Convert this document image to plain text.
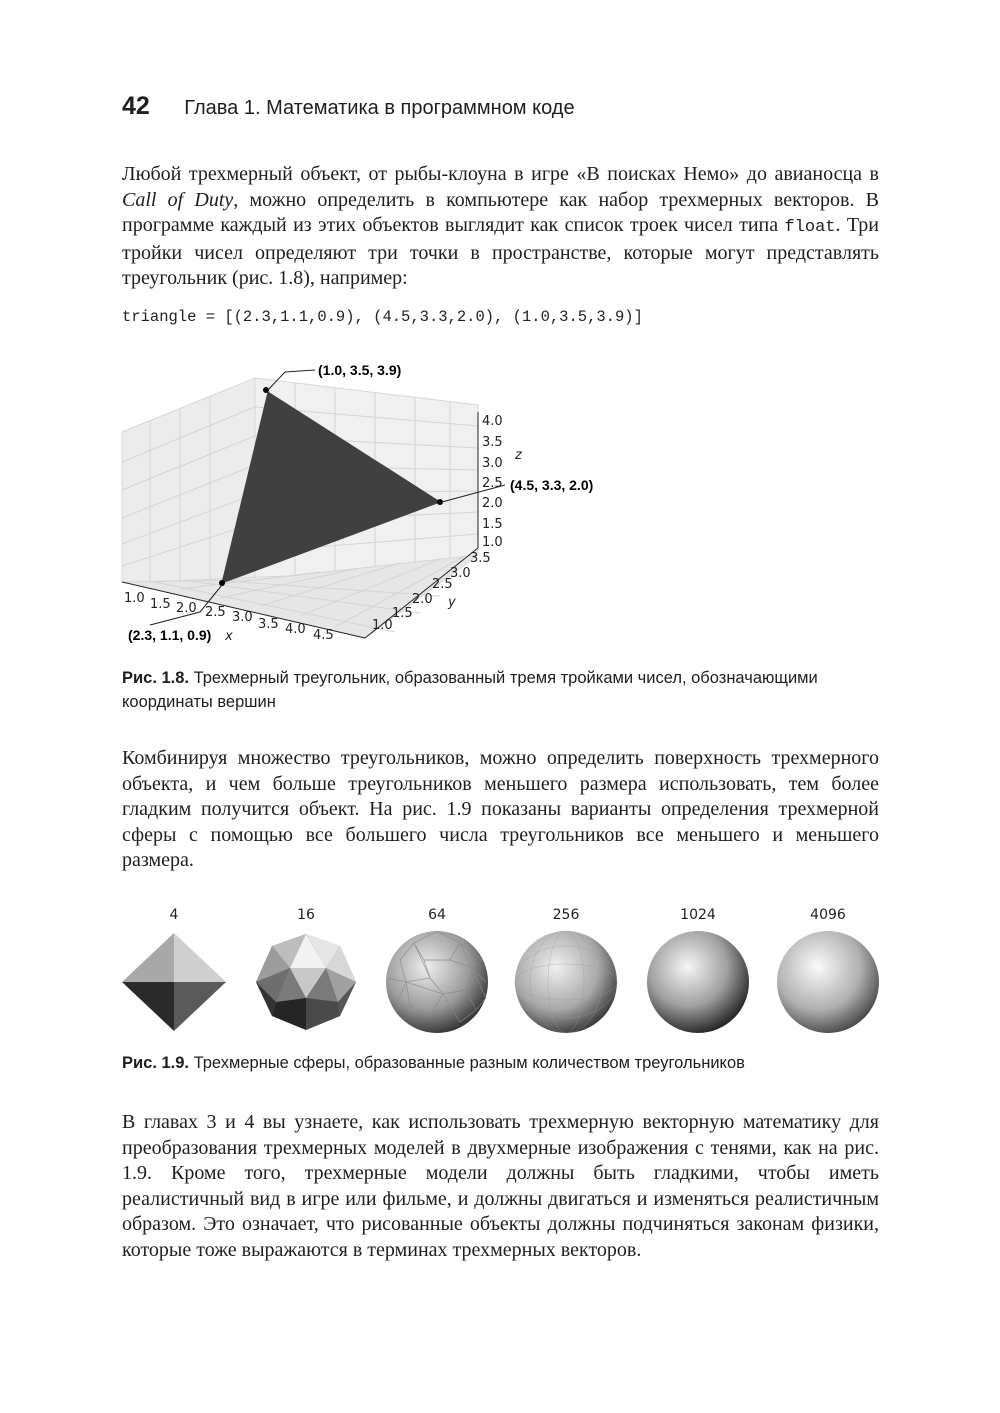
42 Глава 1. Математика в программном коде

Любой трехмерный объект, от рыбы-клоуна в игре «В поисках Немо» до авианосца в Call of Duty, можно определить в компьютере как набор трехмерных векторов. В программе каждый из этих объектов выглядит как список троек чисел типа float. Три тройки чисел определяют три точки в пространстве, которые могут представлять треугольник (рис. 1.8), например:

triangle = [(2.3,1.1,0.9), (4.5,3.3,2.0), (1.0,3.5,3.9)]
(1.0, 3.5, 3.9)
(4.5, 3.3, 2.0)
(2.3, 1.1, 0.9)
4.0
3.5
3.0
2.5
2.0
1.5
1.0
z
3.5
3.0
2.5
2.0
1.5
1.0
y
1.0 1.5 2.0 2.5 3.0 3.5 4.0 4.5
x

Рис. 1.8. Трехмерный треугольник, образованный тремя тройками чисел, обозначающими координаты вершин

Комбинируя множество треугольников, можно определить поверхность трехмерного объекта, и чем больше треугольников меньшего размера использовать, тем более гладким получится объект. На рис. 1.9 показаны варианты определения трехмерной сферы с помощью все большего числа треугольников все меньшего и меньшего размера.

4	16	64	256	1024	4096

Рис. 1.9. Трехмерные сферы, образованные разным количеством треугольников

В главах 3 и 4 вы узнаете, как использовать трехмерную векторную математику для преобразования трехмерных моделей в двухмерные изображения с тенями, как на рис. 1.9. Кроме того, трехмерные модели должны быть гладкими, чтобы иметь реалистичный вид в игре или фильме, и должны двигаться и изменяться реалистичным образом. Это означает, что рисованные объекты должны подчиняться законам физики, которые тоже выражаются в терминах трехмерных векторов.
